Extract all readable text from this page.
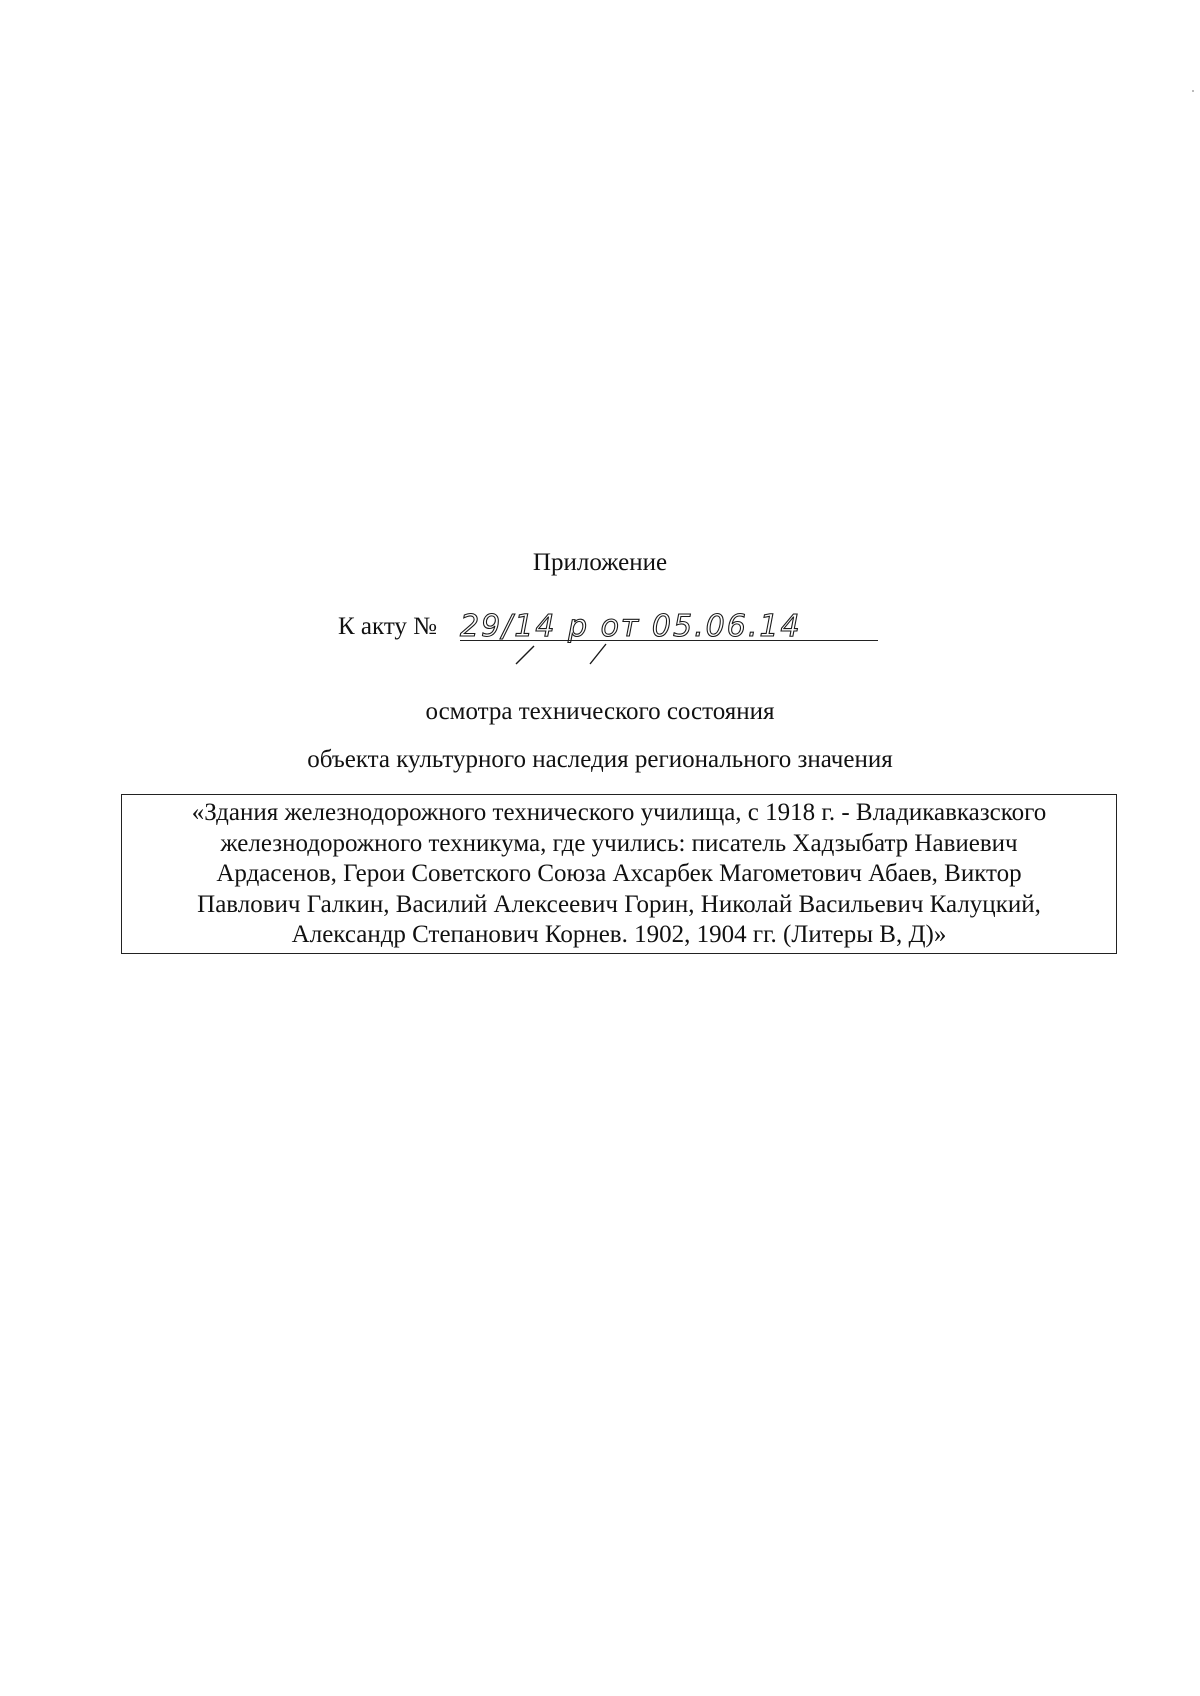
Приложение
К акту № 29/14 р от 05.06.14
осмотра технического состояния
объекта культурного наследия регионального значения
«Здания железнодорожного технического училища, с 1918 г. - Владикавказского
железнодорожного техникума, где учились: писатель Хадзыбатр Навиевич
Ардасенов, Герои Советского Союза Ахсарбек Магометович Абаев, Виктор
Павлович Галкин, Василий Алексеевич Горин, Николай Васильевич Калуцкий,
Александр Степанович Корнев. 1902, 1904 гг. (Литеры В, Д)»
